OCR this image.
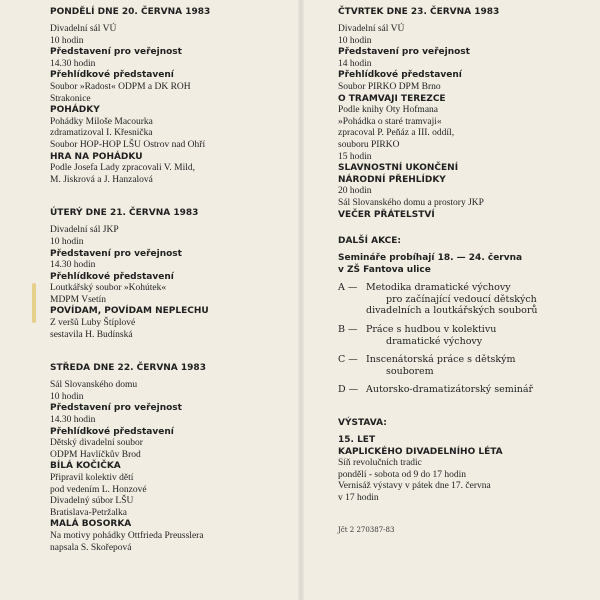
PONDĚLÍ DNE 20. ČERVNA 1983
Divadelní sál VÚ
10 hodin
Představení pro veřejnost
14.30 hodin
Přehlídkové představení
Soubor »Radost« ODPM a DK ROH
Strakonice
POHÁDKY
Pohádky Miloše Macourka
zdramatizoval I. Křesnička
Soubor HOP-HOP LŠU Ostrov nad Ohří
HRA NA POHÁDKU
Podle Josefa Lady zpracovali V. Mild,
M. Jiskrová a J. Hanzalová
ÚTERÝ DNE 21. ČERVNA 1983
Divadelní sál JKP
10 hodin
Představení pro veřejnost
14.30 hodin
Přehlídkové představení
Loutkářský soubor »Kohútek«
MDPM Vsetín
POVÍDAM, POVÍDAM NEPLECHU
Z veršů Luby Štíplové
sestavila H. Budínská
STŘEDA DNE 22. ČERVNA 1983
Sál Slovanského domu
10 hodin
Představení pro veřejnost
14.30 hodin
Přehlídkové představení
Dětský divadelní soubor
ODPM Havlíčkův Brod
BÍLÁ KOČIČKA
Připravil kolektiv dětí
pod vedením L. Honzové
Divadelný súbor LŠU
Bratislava-Petržalka
MALÁ BOSORKA
Na motivy pohádky Ottfrieda Preusslera
napsala S. Skořepová
ČTVRTEK DNE 23. ČERVNA 1983
Divadelní sál VÚ
10 hodin
Představení pro veřejnost
14 hodin
Přehlídkové představení
Soubor PIRKO DPM Brno
O TRAMVAJI TEREZCE
Podle knihy Oty Hofmana
»Pohádka o staré tramvaji«
zpracoval P. Peňáz a III. oddíl,
souboru PIRKO
15 hodin
SLAVNOSTNÍ UKONČENÍ
NÁRODNÍ PŘEHLÍDKY
20 hodin
Sál Slovanského domu a prostory JKP
VEČER PŘÁTELSTVÍ
DALŠÍ AKCE:
Semináře probíhají 18. — 24. června
v ZŠ Fantova ulice
A — Metodika dramatické výchovy
pro začínající vedoucí dětských
divadelních a loutkářských souborů
B — Práce s hudbou v kolektivu
dramatické výchovy
C — Inscenátorská práce s dětským
souborem
D — Autorsko-dramatizátorský seminář
VÝSTAVA:
15. LET
KAPLICKÉHO DIVADELNÍHO LÉTA
Síň revolučních tradic
pondělí - sobota od 9 do 17 hodin
Vernisáž výstavy v pátek dne 17. června
v 17 hodin
Jčt 2 270387-83
